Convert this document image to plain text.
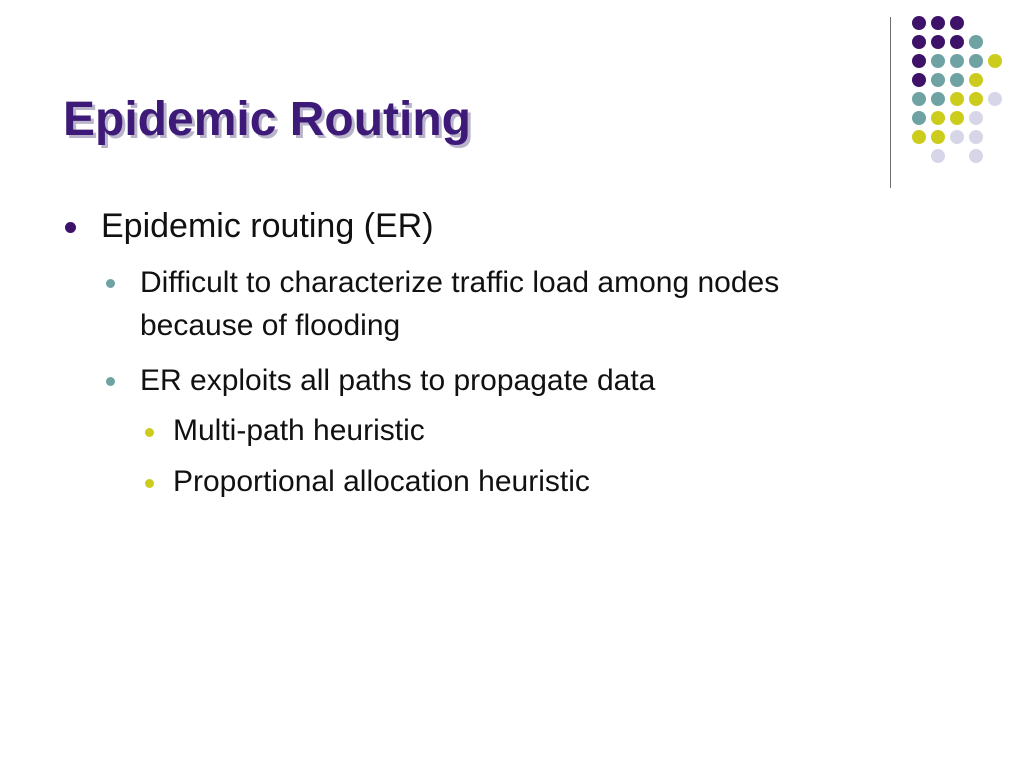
Epidemic Routing
Epidemic routing (ER)
Difficult to characterize traffic load among nodes
because of flooding
ER exploits all paths to propagate data
Multi-path heuristic
Proportional allocation heuristic
